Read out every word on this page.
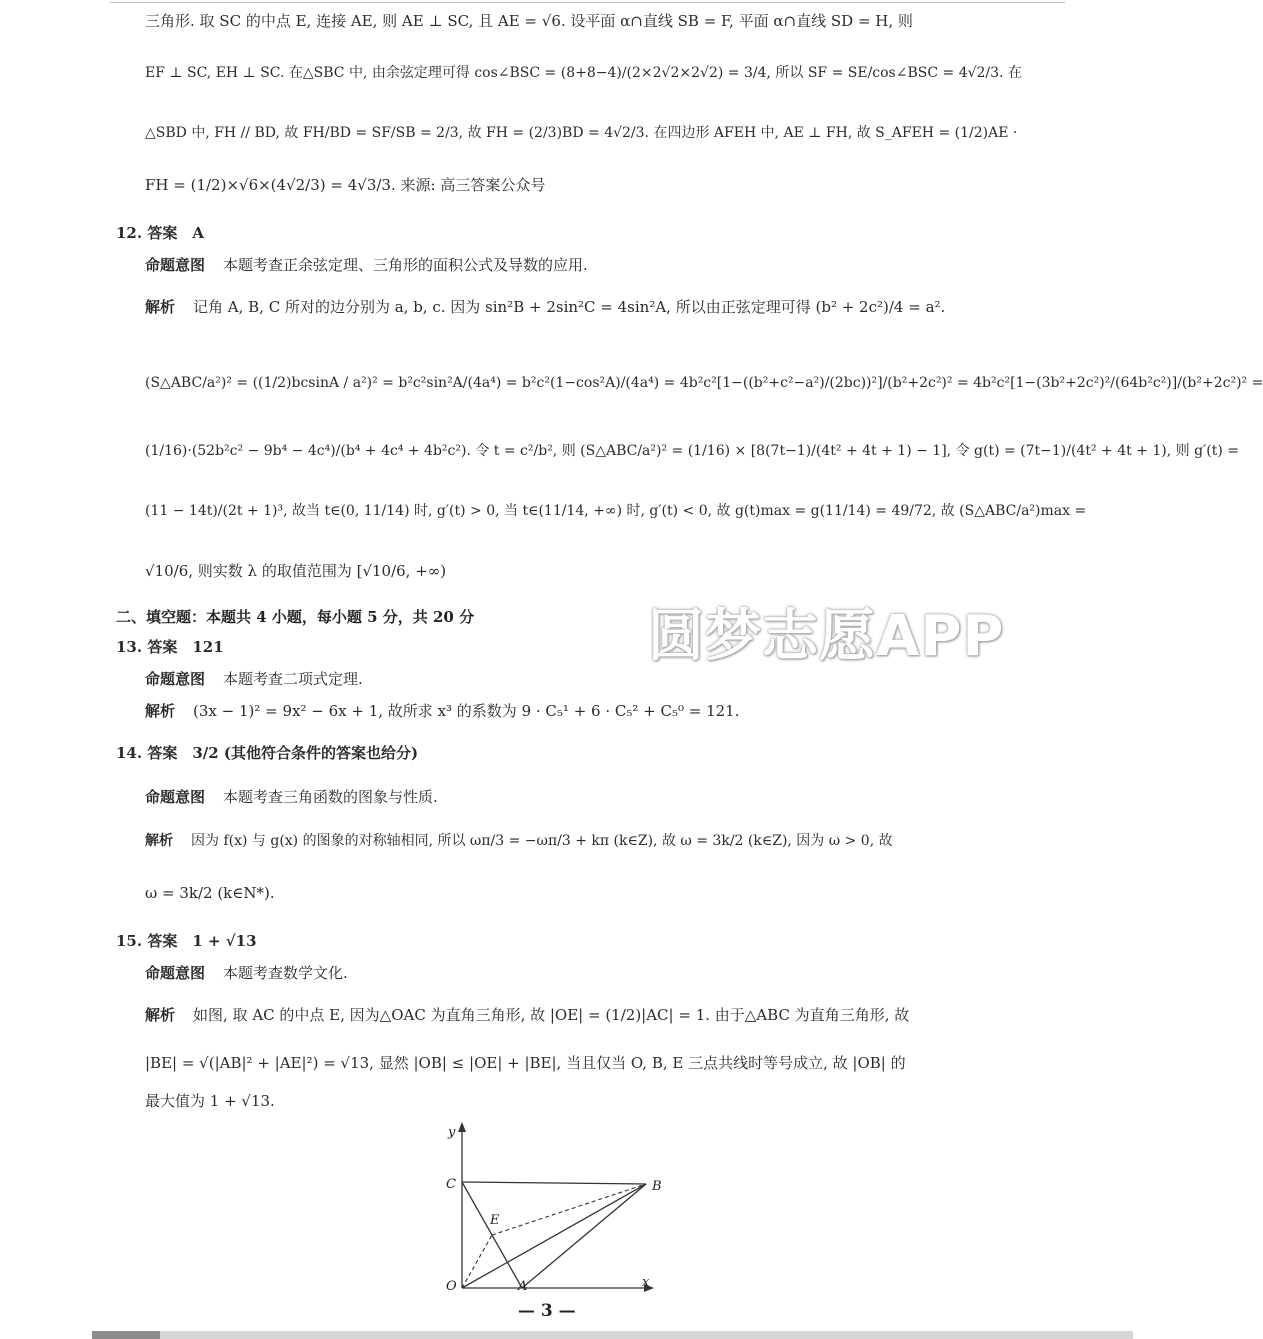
三角形. 取 SC 的中点 E, 连接 AE, 则 AE ⊥ SC, 且 AE = √6. 设平面 α∩直线 SB = F, 平面 α∩直线 SD = H, 则
EF ⊥ SC, EH ⊥ SC. 在△SBC 中, 由余弦定理可得 cos∠BSC = (8+8−4)/(2×2√2×2√2) = 3/4, 所以 SF = SE/cos∠BSC = 4√2/3. 在
△SBD 中, FH // BD, 故 FH/BD = SF/SB = 2/3, 故 FH = (2/3)BD = 4√2/3. 在四边形 AFEH 中, AE ⊥ FH, 故 S_AFEH = (1/2)AE ·
FH = (1/2)×√6×(4√2/3) = 4√3/3. 来源: 高三答案公众号
12. 答案　A
命题意图 本题考查正余弦定理、三角形的面积公式及导数的应用.
解析 记角 A, B, C 所对的边分别为 a, b, c. 因为 sin²B + 2sin²C = 4sin²A, 所以由正弦定理可得 (b² + 2c²)/4 = a².
(S△ABC/a²)² = ((1/2)bcsinA / a²)² = b²c²sin²A/(4a⁴) = b²c²(1−cos²A)/(4a⁴) = 4b²c²[1−((b²+c²−a²)/(2bc))²]/(b²+2c²)² = 4b²c²[1−(3b²+2c²)²/(64b²c²)]/(b²+2c²)² =
(1/16)·(52b²c² − 9b⁴ − 4c⁴)/(b⁴ + 4c⁴ + 4b²c²). 令 t = c²/b², 则 (S△ABC/a²)² = (1/16) × [8(7t−1)/(4t² + 4t + 1) − 1], 令 g(t) = (7t−1)/(4t² + 4t + 1), 则 g′(t) =
(11 − 14t)/(2t + 1)³, 故当 t∈(0, 11/14) 时, g′(t) > 0, 当 t∈(11/14, +∞) 时, g′(t) < 0, 故 g(t)max = g(11/14) = 49/72, 故 (S△ABC/a²)max =
√10/6, 则实数 λ 的取值范围为 [√10/6, +∞)
二、填空题：本题共 4 小题，每小题 5 分，共 20 分	圆梦志愿APP
13. 答案　121
命题意图 本题考查二项式定理.
解析 (3x − 1)² = 9x² − 6x + 1, 故所求 x³ 的系数为 9 · C₅¹ + 6 · C₅² + C₅⁰ = 121.
14. 答案　3/2 (其他符合条件的答案也给分)
命题意图 本题考查三角函数的图象与性质.
解析 因为 f(x) 与 g(x) 的图象的对称轴相同, 所以 ωπ/3 = −ωπ/3 + kπ (k∈Z), 故 ω = 3k/2 (k∈Z), 因为 ω > 0, 故
ω = 3k/2 (k∈N*).
15. 答案　1 + √13
命题意图 本题考查数学文化.
解析 如图, 取 AC 的中点 E, 因为△OAC 为直角三角形, 故 |OE| = (1/2)|AC| = 1. 由于△ABC 为直角三角形, 故
|BE| = √(|AB|² + |AE|²) = √13, 显然 |OB| ≤ |OE| + |BE|, 当且仅当 O, B, E 三点共线时等号成立, 故 |OB| 的
最大值为 1 + √13.
y
x
O	A
B
C
E
— 3 —
